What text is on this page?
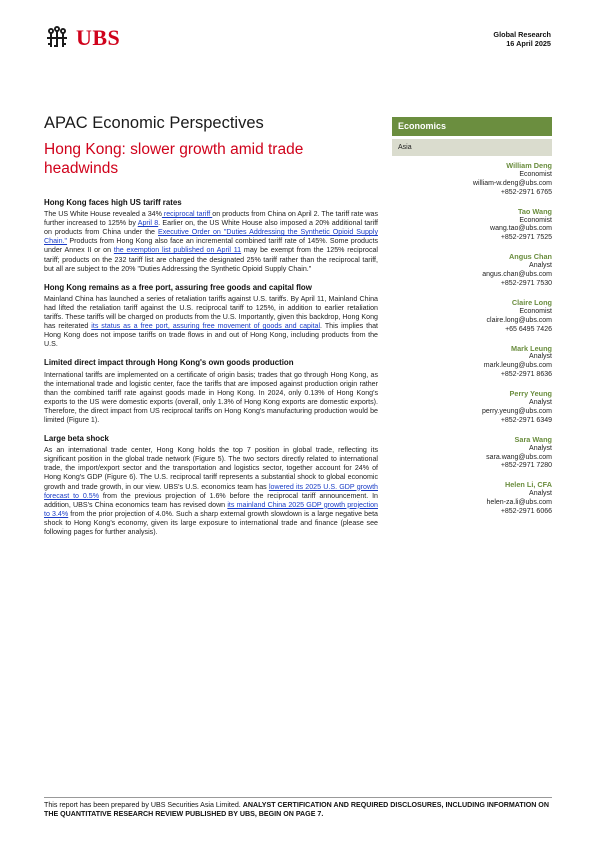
UBS	Global Research
16 April 2025
APAC Economic Perspectives
Hong Kong: slower growth amid trade headwinds
Hong Kong faces high US tariff rates

The US White House revealed a 34% reciprocal tariff on products from China on April 2. The tariff rate was further increased to 125% by April 8. Earlier on, the US White House also imposed a 20% additional tariff on products from China under the Executive Order on "Duties Addressing the Synthetic Opioid Supply Chain." Products from Hong Kong also face an incremental combined tariff rate of 145%. Some products under Annex II or on the exemption list published on April 11 may be exempt from the 125% reciprocal tariff; products on the 232 tariff list are charged the designated 25% tariff rather than the reciprocal tariff, but all are subject to the 20% "Duties Addressing the Synthetic Opioid Supply Chain."

Hong Kong remains as a free port, assuring free goods and capital flow

Mainland China has launched a series of retaliation tariffs against U.S. tariffs. By April 11, Mainland China had lifted the retaliation tariff against the U.S. reciprocal tariff to 125%, in addition to earlier retaliation tariffs. These tariffs will be charged on products from the U.S. Importantly, given this backdrop, Hong Kong has reiterated its status as a free port, assuring free movement of goods and capital. This implies that Hong Kong does not impose tariffs on trade flows in and out of Hong Kong, including products from the U.S.

Limited direct impact through Hong Kong's own goods production

International tariffs are implemented on a certificate of origin basis; trades that go through Hong Kong, as the international trade and logistic center, face the tariffs that are imposed against production origin rather than the combined tariff rate against goods made in Hong Kong. In 2024, only 0.13% of Hong Kong's exports to the US were domestic exports (overall, only 1.3% of Hong Kong exports are domestic exports). Therefore, the direct impact from US reciprocal tariffs on Hong Kong's manufacturing production would be limited (Figure 1).

Large beta shock

As an international trade center, Hong Kong holds the top 7 position in global trade, reflecting its significant position in the global trade network (Figure 5). The two sectors directly related to international trade, the import/export sector and the transportation and logistics sector, together account for 24% of Hong Kong's GDP (Figure 6). The U.S. reciprocal tariff represents a substantial shock to global economic growth and trade growth, in our view. UBS's U.S. economics team has lowered its 2025 U.S. GDP growth forecast to 0.5% from the previous projection of 1.6% before the reciprocal tariff announcement. In addition, UBS's China economics team has revised down its mainland China 2025 GDP growth projection to 3.4% from the prior projection of 4.0%. Such a sharp external growth slowdown is a large negative beta shock to Hong Kong's economy, given its large exposure to international trade and finance (please see following pages for further analysis).

Economics
Asia
William Deng
Economist
william-w.deng@ubs.com
+852-2971 6765
Tao Wang
Economist
wang.tao@ubs.com
+852-2971 7525
Angus Chan
Analyst
angus.chan@ubs.com
+852-2971 7530
Claire Long
Economist
claire.long@ubs.com
+65 6495 7426
Mark Leung
Analyst
mark.leung@ubs.com
+852-2971 8636
Perry Yeung
Analyst
perry.yeung@ubs.com
+852-2971 6349
Sara Wang
Analyst
sara.wang@ubs.com
+852-2971 7280
Helen Li, CFA
Analyst
helen-za.li@ubs.com
+852-2971 6066
This report has been prepared by UBS Securities Asia Limited. ANALYST CERTIFICATION AND REQUIRED DISCLOSURES, INCLUDING INFORMATION ON THE QUANTITATIVE RESEARCH REVIEW PUBLISHED BY UBS, BEGIN ON PAGE 7.
